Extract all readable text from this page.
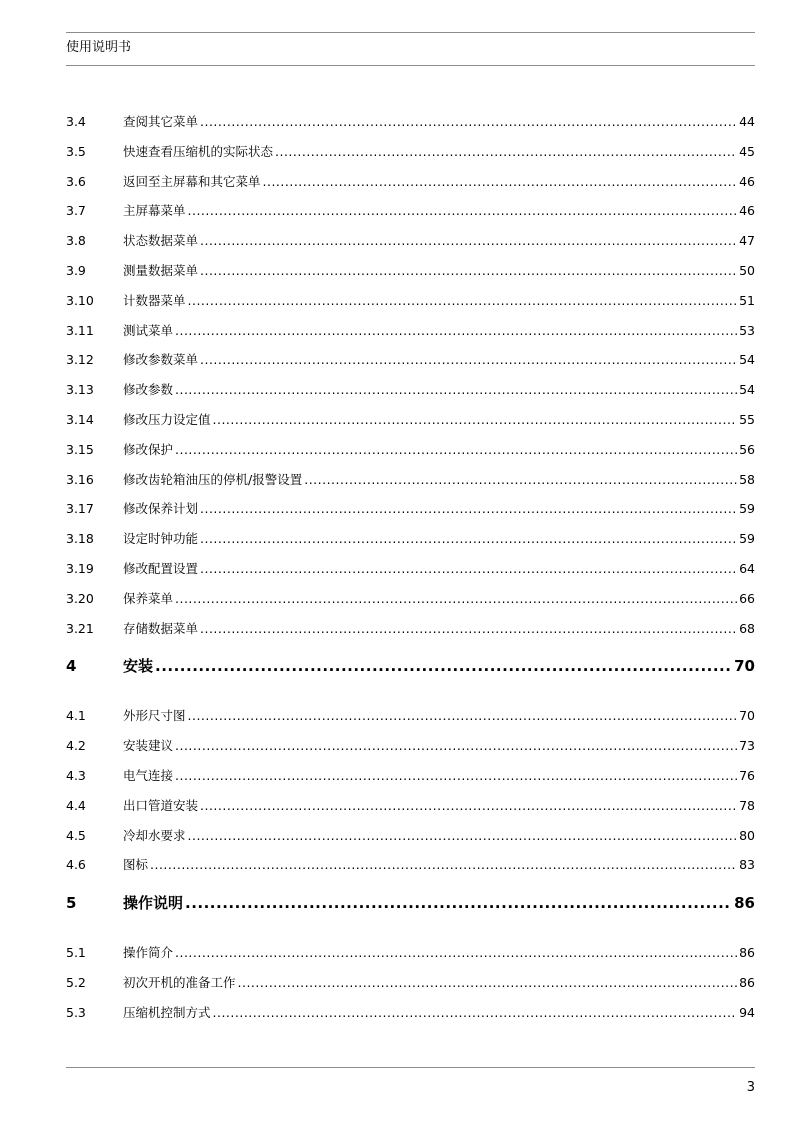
使用说明书
3.4	查阅其它菜单 .....	44
3.5	快速查看压缩机的实际状态 .....	45
3.6	返回至主屏幕和其它菜单 .....	46
3.7	主屏幕菜单 .....	46
3.8	状态数据菜单 .....	47
3.9	测量数据菜单 .....	50
3.10	计数器菜单 .....	51
3.11	测试菜单 .....	53
3.12	修改参数菜单 .....	54
3.13	修改参数 .....	54
3.14	修改压力设定值 .....	55
3.15	修改保护 .....	56
3.16	修改齿轮箱油压的停机/报警设置 .....	58
3.17	修改保养计划 .....	59
3.18	设定时钟功能 .....	59
3.19	修改配置设置 .....	64
3.20	保养菜单 .....	66
3.21	存储数据菜单 .....	68
4	安装 .....	70
4.1	外形尺寸图 .....	70
4.2	安装建议 .....	73
4.3	电气连接 .....	76
4.4	出口管道安装 .....	78
4.5	冷却水要求 .....	80
4.6	图标 .....	83
5	操作说明 .....	86
5.1	操作简介 .....	86
5.2	初次开机的准备工作 .....	86
5.3	压缩机控制方式 .....	94
3
